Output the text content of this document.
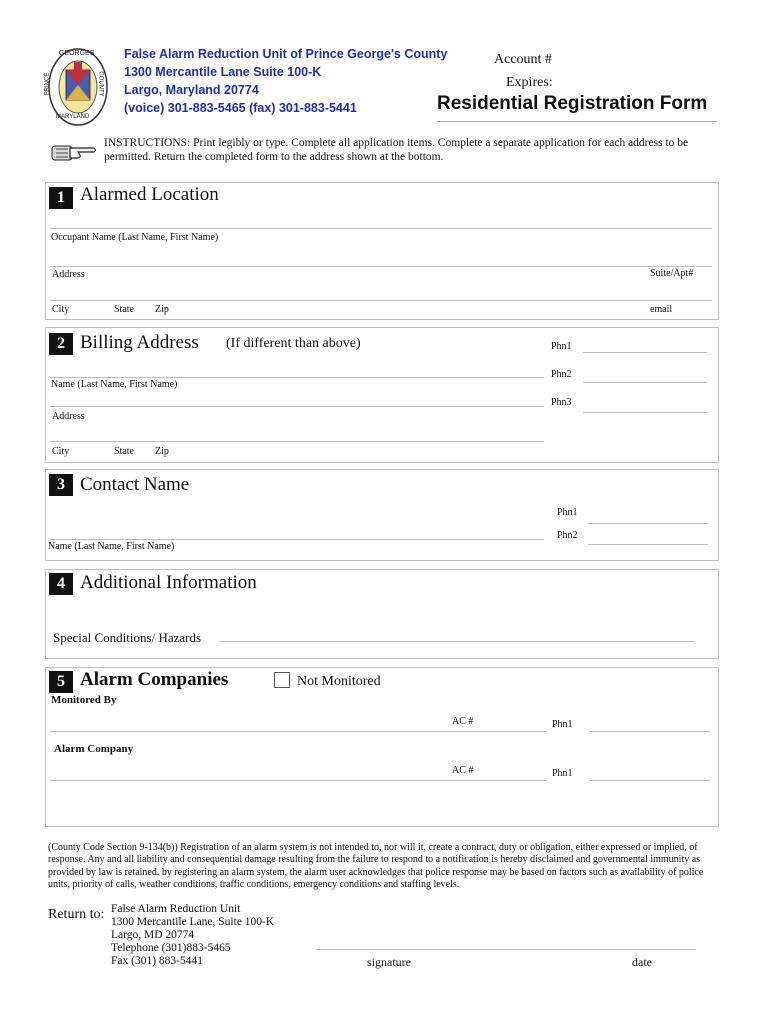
GEORGES
PRINCE	COUNTY
MARYLAND
False Alarm Reduction Unit of Prince George's County
1300 Mercantile Lane Suite 100-K
Largo, Maryland 20774
(voice) 301-883-5465 (fax) 301-883-5441
Account #
Expires:
Residential Registration Form
INSTRUCTIONS: Print legibly or type. Complete all application items. Complete a separate application for each address to be permitted. Return the completed form to the address shown at the bottom.
1 Alarmed Location
Occupant Name (Last Name, First Name)
Address	Suite/Apt#
City	State Zip	email
2 Billing Address (If different than above)	Phn1
Phn2
Phn3
Name (Last Name, First Name)
Address
City	State Zip
3 Contact Name
Phn1
Phn2
Name (Last Name, First Name)
4 Additional Information
Special Conditions/ Hazards
5 Alarm Companies	Not Monitored
Monitored By
AC #	Phn1
Alarm Company
AC #	Phn1
(County Code Section 9-134(b)) Registration of an alarm system is not intended to, nor will it, create a contract, duty or obligation, either expressed or implied, of response. Any and all liability and consequential damage resulting from the failure to respond to a notification is hereby disclaimed and governmental immunity as provided by law is retained. by registering an alarm system, the alarm user acknowledges that police response may be based on factors such as availability of police units, priority of calls, weather conditions, traffic conditions, emergency conditions and staffing levels.
Return to: False Alarm Reduction Unit
1300 Mercantile Lane, Suite 100-K
Largo, MD 20774
Telephone (301)883-5465
Fax (301) 883-5441	signature	date
